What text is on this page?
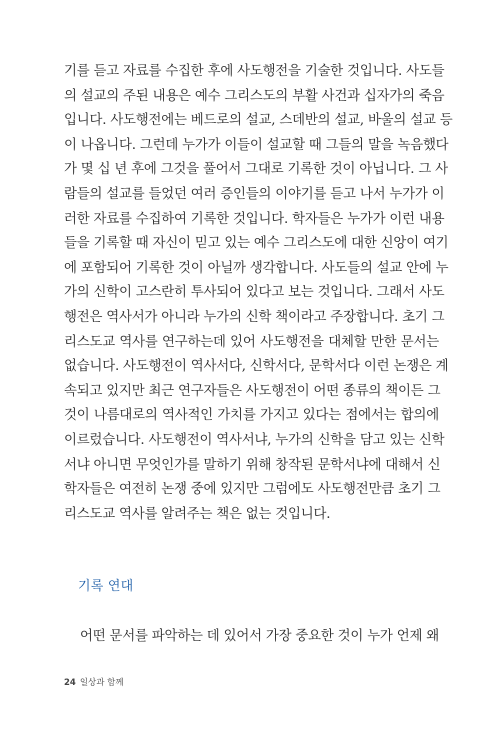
기를 듣고 자료를 수집한 후에 사도행전을 기술한 것입니다. 사도들
의 설교의 주된 내용은 예수 그리스도의 부활 사건과 십자가의 죽음
입니다. 사도행전에는 베드로의 설교, 스데반의 설교, 바울의 설교 등
이 나옵니다. 그런데 누가가 이들이 설교할 때 그들의 말을 녹음했다
가 몇 십 년 후에 그것을 풀어서 그대로 기록한 것이 아닙니다. 그 사
람들의 설교를 들었던 여러 증인들의 이야기를 듣고 나서 누가가 이
러한 자료를 수집하여 기록한 것입니다. 학자들은 누가가 이런 내용
들을 기록할 때 자신이 믿고 있는 예수 그리스도에 대한 신앙이 여기
에 포함되어 기록한 것이 아닐까 생각합니다. 사도들의 설교 안에 누
가의 신학이 고스란히 투사되어 있다고 보는 것입니다. 그래서 사도
행전은 역사서가 아니라 누가의 신학 책이라고 주장합니다. 초기 그
리스도교 역사를 연구하는데 있어 사도행전을 대체할 만한 문서는
없습니다. 사도행전이 역사서다, 신학서다, 문학서다 이런 논쟁은 계
속되고 있지만 최근 연구자들은 사도행전이 어떤 종류의 책이든 그
것이 나름대로의 역사적인 가치를 가지고 있다는 점에서는 합의에
이르렀습니다. 사도행전이 역사서냐, 누가의 신학을 담고 있는 신학
서냐 아니면 무엇인가를 말하기 위해 창작된 문학서냐에 대해서 신
학자들은 여전히 논쟁 중에 있지만 그럼에도 사도행전만큼 초기 그
리스도교 역사를 알려주는 책은 없는 것입니다.
기록 연대
어떤 문서를 파악하는 데 있어서 가장 중요한 것이 누가 언제 왜
24 일상과 함께
